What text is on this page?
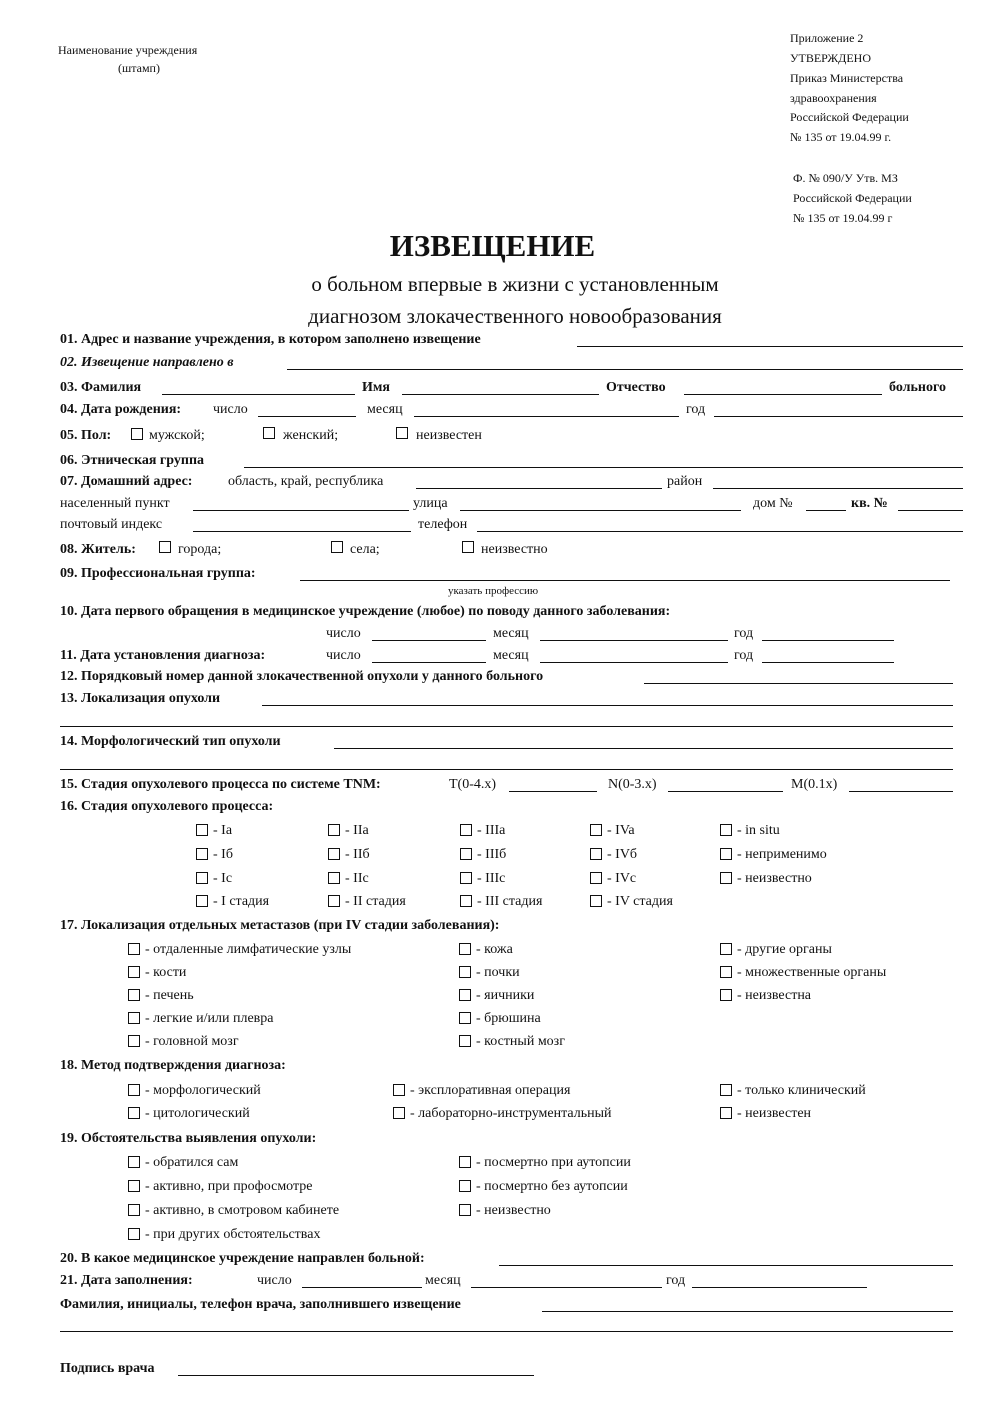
Наименование учреждения
(штамп)
Приложение 2
УТВЕРЖДЕНО
Приказ Министерства
здравоохранения
Российской Федерации
№ 135 от 19.04.99 г.
Ф. № 090/У Утв. МЗ
Российской Федерации
№ 135 от 19.04.99 г
ИЗВЕЩЕНИЕ
о больном впервые в жизни с установленным
диагнозом злокачественного новообразования
01. Адрес и название учреждения, в котором заполнено извещение
02. Извещение направлено в
03. Фамилия	Имя	Отчество	больного
04. Дата рождения: число	месяц	год
05. Пол:	мужской;	женский;	неизвестен
06. Этническая группа
07. Домашний адрес:	область, край, республика	район
населенный пункт	улица	дом №	кв. №
почтовый индекс	телефон
08. Житель:	города;	села;	неизвестно
09. Профессиональная группа:
указать профессию
10. Дата первого обращения в медицинское учреждение (любое) по поводу данного заболевания:
число	месяц	год
11. Дата установления диагноза:	число	месяц	год
12. Порядковый номер данной злокачественной опухоли у данного больного
13. Локализация опухоли
14. Морфологический тип опухоли
15. Стадия опухолевого процесса по системе TNM:	T(0-4.x)	N(0-3.x)	M(0.1x)
16. Стадия опухолевого процесса:
- Ia
- Iб
- Ic
- I стадия
- IIa
- IIб
- IIc
- II стадия
- IIIa
- IIIб
- IIIc
- III стадия
- IVa
- IVб
- IVc
- IV стадия
- in situ
- неприменимо
- неизвестно
17. Локализация отдельных метастазов (при IV стадии заболевания):
- отдаленные лимфатические узлы
- кости
- печень
- легкие и/или плевра
- головной мозг
- кожа
- почки
- яичники
- брюшина
- костный мозг
- другие органы
- множественные органы
- неизвестна
18. Метод подтверждения диагноза:
- морфологический
- цитологический
- эксплоративная операция
- лабораторно-инструментальный
- только клинический
- неизвестен
19. Обстоятельства выявления опухоли:
- обратился сам
- активно, при профосмотре
- активно, в смотровом кабинете
- при других обстоятельствах
- посмертно при аутопсии
- посмертно без аутопсии
- неизвестно
20. В какое медицинское учреждение направлен больной:
21. Дата заполнения:	число	месяц	год
Фамилия, инициалы, телефон врача, заполнившего извещение
Подпись врача
